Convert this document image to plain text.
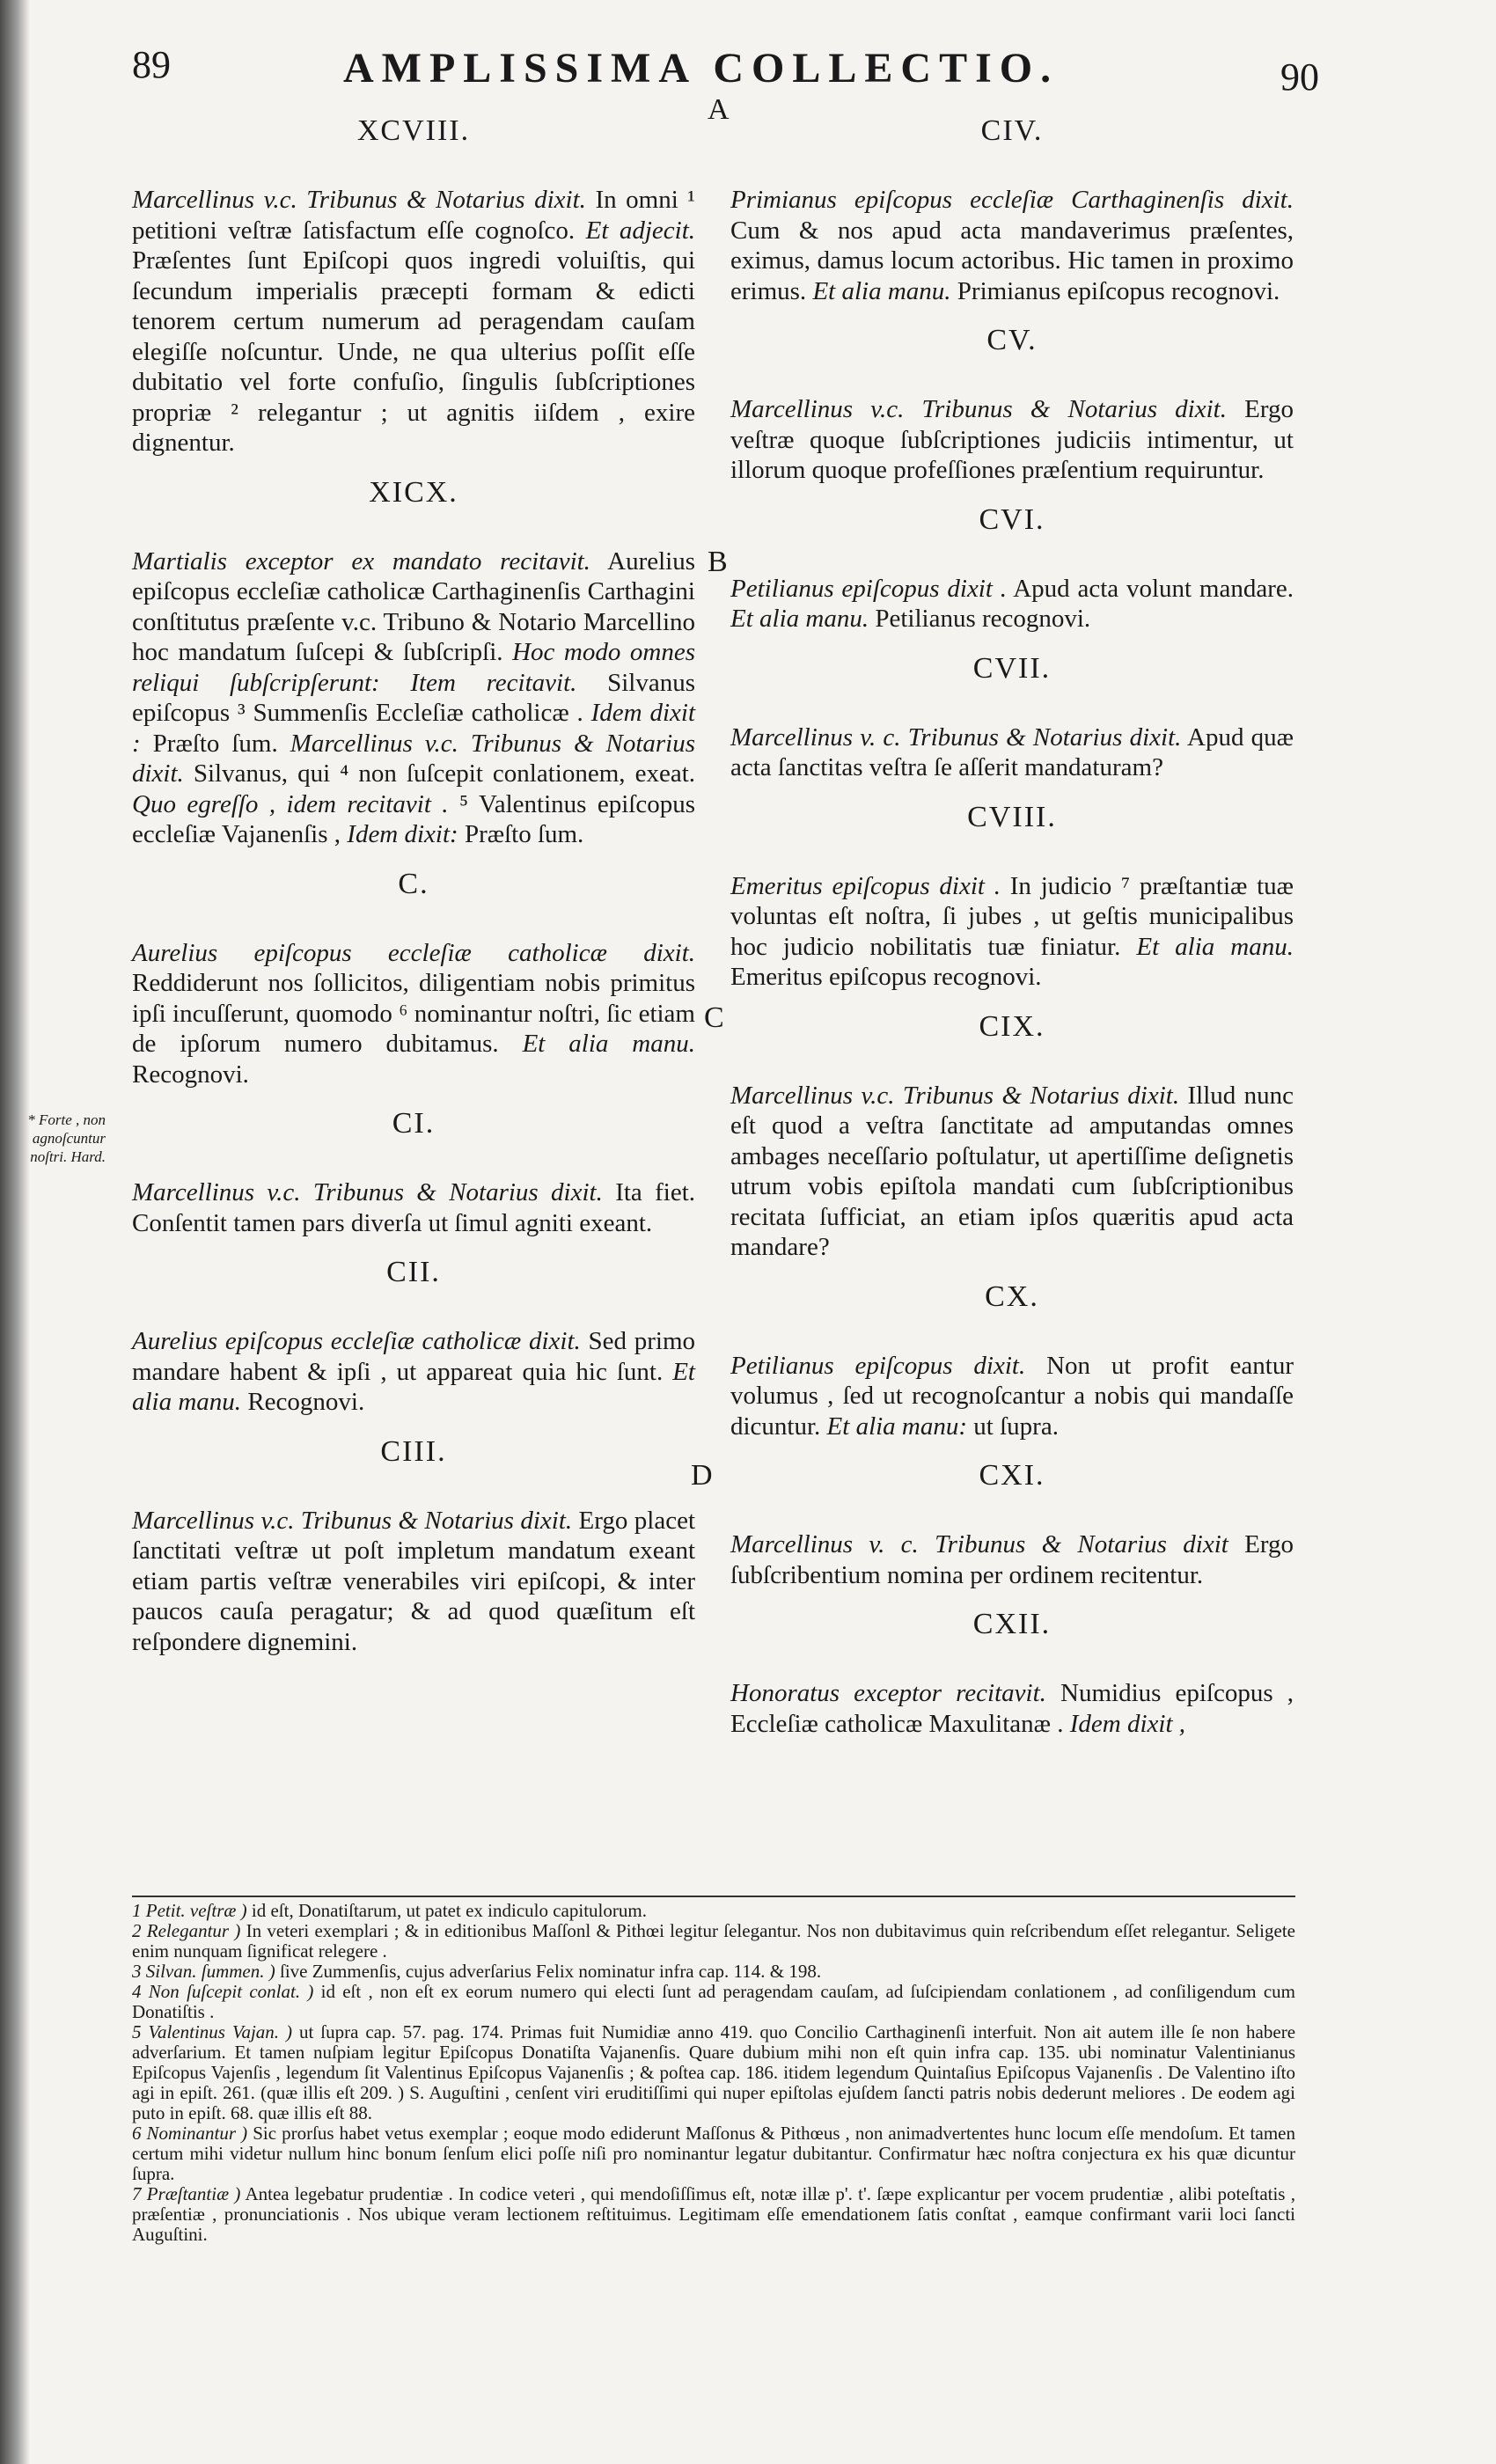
89	AMPLISSIMA COLLECTIO.	90
A
B
C
D
* Forte , non agnoſcuntur noſtri. Hard.
XCVIII.

Marcellinus v.c. Tribunus & Notarius dixit. In omni ¹ petitioni veſtræ ſatisfactum eſſe cognoſco. Et adjecit. Præſentes ſunt Epiſcopi quos ingredi voluiſtis, qui ſecundum imperialis præcepti formam & edicti tenorem certum numerum ad peragendam cauſam elegiſſe noſcuntur. Unde, ne qua ulterius poſſit eſſe dubitatio vel forte confuſio, ſingulis ſubſcriptiones propriæ ² relegantur ; ut agnitis iiſdem , exire dignentur.

XICX.

Martialis exceptor ex mandato recitavit. Aurelius epiſcopus eccleſiæ catholicæ Carthaginenſis Carthagini conſtitutus præſente v.c. Tribuno & Notario Marcellino hoc mandatum ſuſcepi & ſubſcripſi. Hoc modo omnes reliqui ſubſcripſerunt: Item recitavit. Silvanus epiſcopus ³ Summenſis Eccleſiæ catholicæ . Idem dixit : Præſto ſum. Marcellinus v.c. Tribunus & Notarius dixit. Silvanus, qui ⁴ non ſuſcepit conlationem, exeat. Quo egreſſo , idem recitavit . ⁵ Valentinus epiſcopus eccleſiæ Vajanenſis , Idem dixit: Præſto ſum.

C.

Aurelius epiſcopus eccleſiæ catholicæ dixit. Reddiderunt nos ſollicitos, diligentiam nobis primitus ipſi incuſſerunt, quomodo ⁶ nominantur noſtri, ſic etiam de ipſorum numero dubitamus. Et alia manu. Recognovi.

CI.

Marcellinus v.c. Tribunus & Notarius dixit. Ita fiet. Conſentit tamen pars diverſa ut ſimul agniti exeant.

CII.

Aurelius epiſcopus eccleſiæ catholicæ dixit. Sed primo mandare habent & ipſi , ut appareat quia hic ſunt. Et alia manu. Recognovi.

CIII.

Marcellinus v.c. Tribunus & Notarius dixit. Ergo placet ſanctitati veſtræ ut poſt impletum mandatum exeant etiam partis veſtræ venerabiles viri epiſcopi, & inter paucos cauſa peragatur; & ad quod quæſitum eſt reſpondere dignemini.

CIV.

Primianus epiſcopus eccleſiæ Carthaginenſis dixit. Cum & nos apud acta mandaverimus præſentes, eximus, damus locum actoribus. Hic tamen in proximo erimus. Et alia manu. Primianus epiſcopus recognovi.

CV.

Marcellinus v.c. Tribunus & Notarius dixit. Ergo veſtræ quoque ſubſcriptiones judiciis intimentur, ut illorum quoque profeſſiones præſentium requiruntur.

CVI.

Petilianus epiſcopus dixit . Apud acta volunt mandare. Et alia manu. Petilianus recognovi.

CVII.

Marcellinus v. c. Tribunus & Notarius dixit. Apud quæ acta ſanctitas veſtra ſe aſſerit mandaturam?

CVIII.

Emeritus epiſcopus dixit . In judicio ⁷ præſtantiæ tuæ voluntas eſt noſtra, ſi jubes , ut geſtis municipalibus hoc judicio nobilitatis tuæ finiatur. Et alia manu. Emeritus epiſcopus recognovi.

CIX.

Marcellinus v.c. Tribunus & Notarius dixit. Illud nunc eſt quod a veſtra ſanctitate ad amputandas omnes ambages neceſſario poſtulatur, ut apertiſſime deſignetis utrum vobis epiſtola mandati cum ſubſcriptionibus recitata ſufficiat, an etiam ipſos quæritis apud acta mandare?

CX.

Petilianus epiſcopus dixit. Non ut profit eantur volumus , ſed ut recognoſcantur a nobis qui mandaſſe dicuntur. Et alia manu: ut ſupra.

CXI.

Marcellinus v. c. Tribunus & Notarius dixit Ergo ſubſcribentium nomina per ordinem recitentur.

CXII.

Honoratus exceptor recitavit. Numidius epiſcopus , Eccleſiæ catholicæ Maxulitanæ . Idem dixit ,

1 Petit. veſtræ ) id eſt, Donatiſtarum, ut patet ex indiculo capitulorum.

2 Relegantur ) In veteri exemplari ; & in editionibus Maſſonl & Pithœi legitur ſelegantur. Nos non dubitavimus quin reſcribendum eſſet relegantur. Seligete enim nunquam ſignificat relegere .

3 Silvan. ſummen. ) ſive Zummenſis, cujus adverſarius Felix nominatur infra cap. 114. & 198.

4 Non ſuſcepit conlat. ) id eſt , non eſt ex eorum numero qui electi ſunt ad peragendam cauſam, ad ſuſcipiendam conlationem , ad conſiligendum cum Donatiſtis .

5 Valentinus Vajan. ) ut ſupra cap. 57. pag. 174. Primas fuit Numidiæ anno 419. quo Concilio Carthaginenſi interfuit. Non ait autem ille ſe non habere adverſarium. Et tamen nuſpiam legitur Epiſcopus Donatiſta Vajanenſis. Quare dubium mihi non eſt quin infra cap. 135. ubi nominatur Valentinianus Epiſcopus Vajenſis , legendum ſit Valentinus Epiſcopus Vajanenſis ; & poſtea cap. 186. itidem legendum Quintaſius Epiſcopus Vajanenſis . De Valentino iſto agi in epiſt. 261. (quæ illis eſt 209. ) S. Auguſtini , cenſent viri eruditiſſimi qui nuper epiſtolas ejuſdem ſancti patris nobis dederunt meliores . De eodem agi puto in epiſt. 68. quæ illis eſt 88.

6 Nominantur ) Sic prorſus habet vetus exemplar ; eoque modo ediderunt Maſſonus & Pithœus , non animadvertentes hunc locum eſſe mendoſum. Et tamen certum mihi videtur nullum hinc bonum ſenſum elici poſſe niſi pro nominantur legatur dubitantur. Confirmatur hæc noſtra conjectura ex his quæ dicuntur ſupra.

7 Præſtantiæ ) Antea legebatur prudentiæ . In codice veteri , qui mendoſiſſimus eſt, notæ illæ p'. t'. ſæpe explicantur per vocem prudentiæ , alibi poteſtatis , præſentiæ , pronunciationis . Nos ubique veram lectionem reſtituimus. Legitimam eſſe emendationem ſatis conſtat , eamque confirmant varii loci ſancti Auguſtini.
